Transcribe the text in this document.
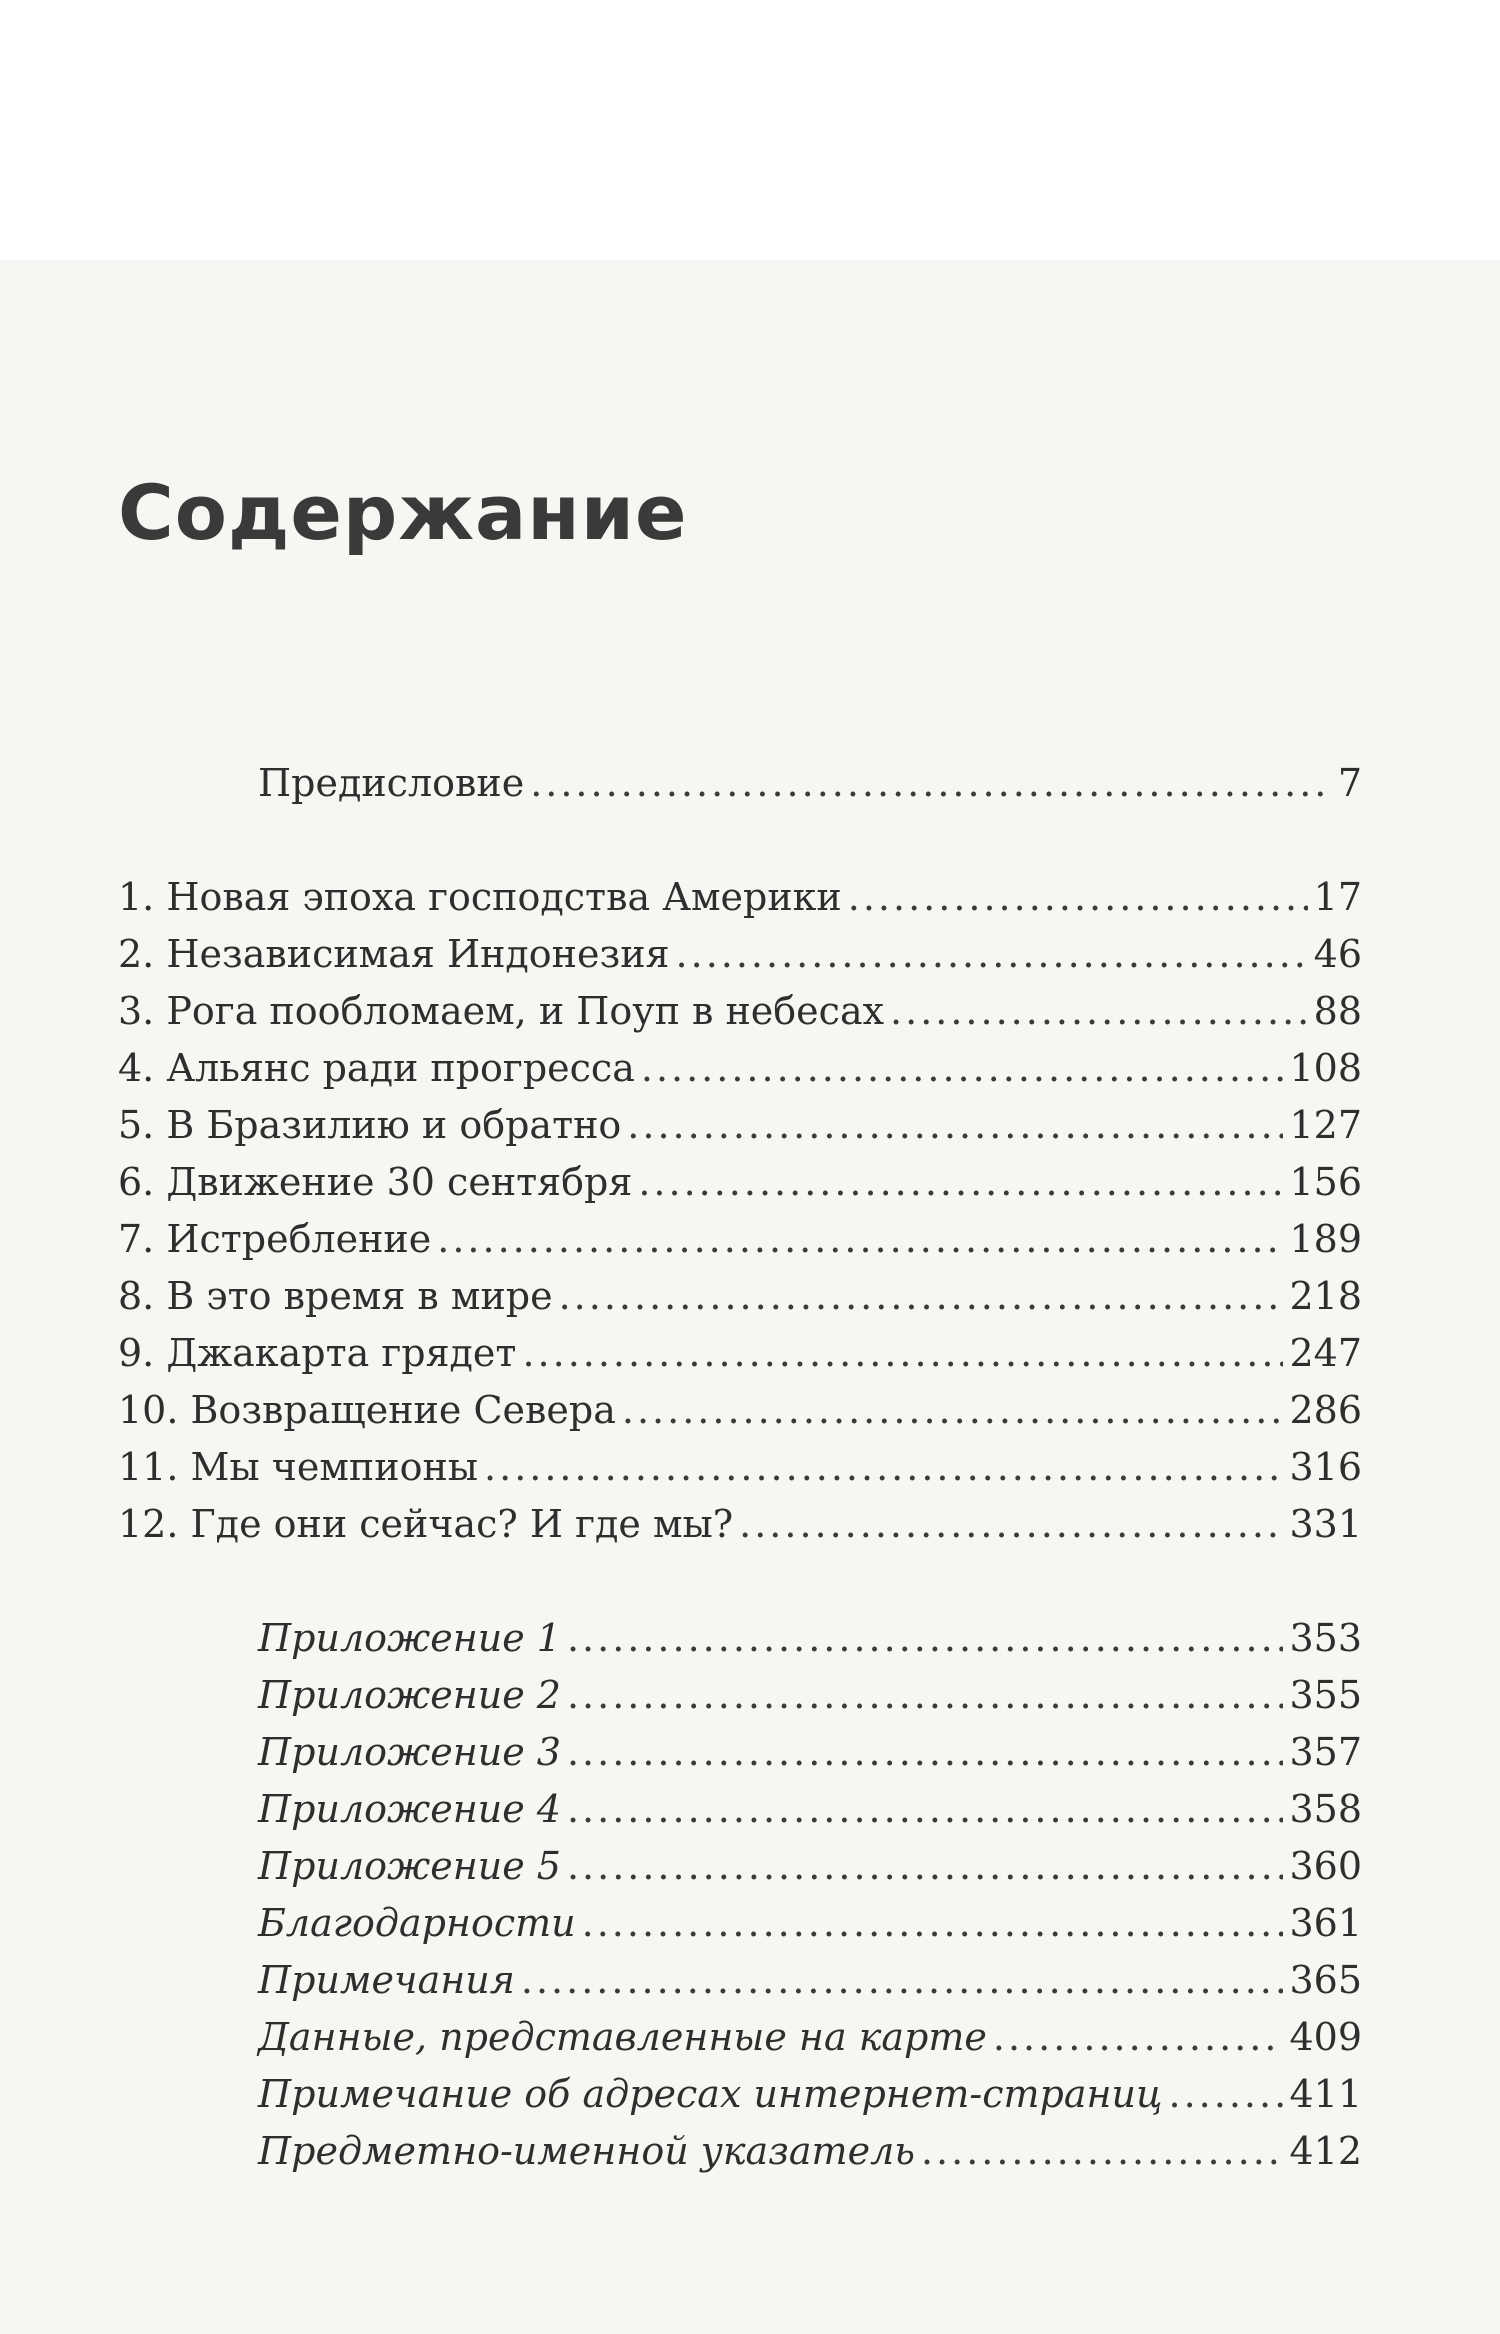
Содержание
Предисловие .....	7
1. Новая эпоха господства Америки .....	17
2. Независимая Индонезия .....	46
3. Рога пообломаем, и Поуп в небесах .....	88
4. Альянс ради прогресса .....	108
5. В Бразилию и обратно .....	127
6. Движение 30 сентября .....	156
7. Истребление .....	189
8. В это время в мире .....	218
9. Джакарта грядет .....	247
10. Возвращение Севера .....	286
11. Мы чемпионы .....	316
12. Где они сейчас? И где мы? .....	331
Приложение 1 .....	353
Приложение 2 .....	355
Приложение 3 .....	357
Приложение 4 .....	358
Приложение 5 .....	360
Благодарности .....	361
Примечания .....	365
Данные, представленные на карте .....	409
Примечание об адресах интернет-страниц .....	411
Предметно-именной указатель .....	412
